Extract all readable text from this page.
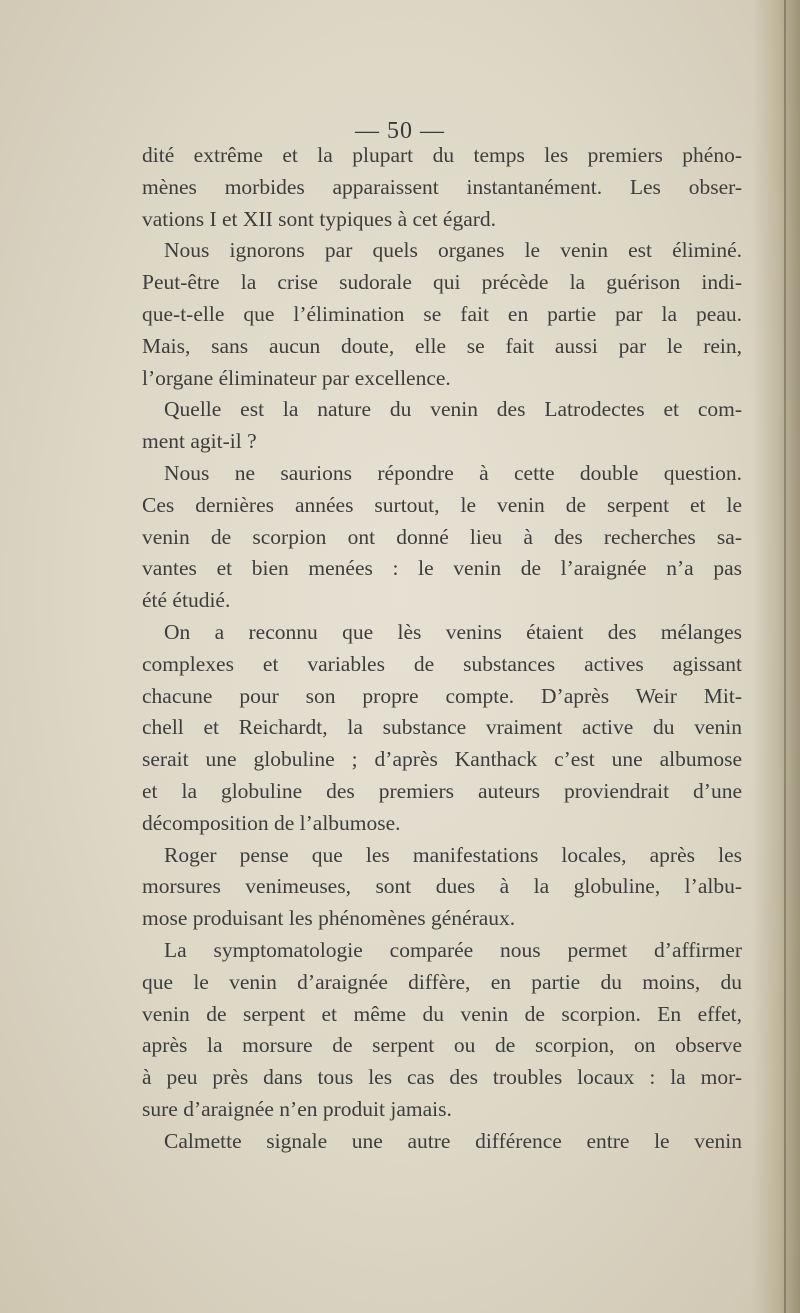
— 50 —
dité extrême et la plupart du temps les premiers phéno-
mènes morbides apparaissent instantanément. Les obser-
vations I et XII sont typiques à cet égard.
Nous ignorons par quels organes le venin est éliminé.
Peut-être la crise sudorale qui précède la guérison indi-
que-t-elle que l’élimination se fait en partie par la peau.
Mais, sans aucun doute, elle se fait aussi par le rein,
l’organe éliminateur par excellence.
Quelle est la nature du venin des Latrodectes et com-
ment agit-il ?
Nous ne saurions répondre à cette double question.
Ces dernières années surtout, le venin de serpent et le
venin de scorpion ont donné lieu à des recherches sa-
vantes et bien menées : le venin de l’araignée n’a pas
été étudié.
On a reconnu que lès venins étaient des mélanges
complexes et variables de substances actives agissant
chacune pour son propre compte. D’après Weir Mit-
chell et Reichardt, la substance vraiment active du venin
serait une globuline ; d’après Kanthack c’est une albumose
et la globuline des premiers auteurs proviendrait d’une
décomposition de l’albumose.
Roger pense que les manifestations locales, après les
morsures venimeuses, sont dues à la globuline, l’albu-
mose produisant les phénomènes généraux.
La symptomatologie comparée nous permet d’affirmer
que le venin d’araignée diffère, en partie du moins, du
venin de serpent et même du venin de scorpion. En effet,
après la morsure de serpent ou de scorpion, on observe
à peu près dans tous les cas des troubles locaux : la mor-
sure d’araignée n’en produit jamais.
Calmette signale une autre différence entre le venin
